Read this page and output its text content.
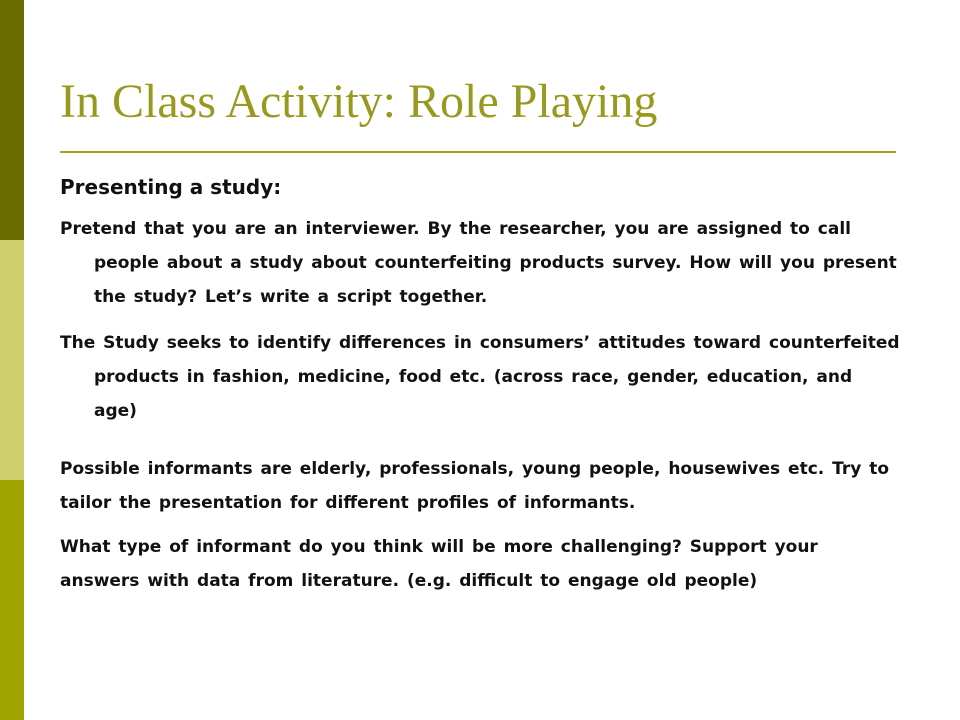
In Class Activity: Role Playing

Presenting a study:

Pretend that you are an interviewer. By the researcher, you are assigned to call people about a study about counterfeiting products survey. How will you present the study? Let’s write a script together.

The Study seeks to identify differences in consumers’ attitudes toward counterfeited products in fashion, medicine, food etc. (across race, gender, education, and age)

Possible informants are elderly, professionals, young people, housewives etc. Try to tailor the presentation for different profiles of informants.

What type of informant do you think will be more challenging? Support your answers with data from literature. (e.g. difficult to engage old people)
